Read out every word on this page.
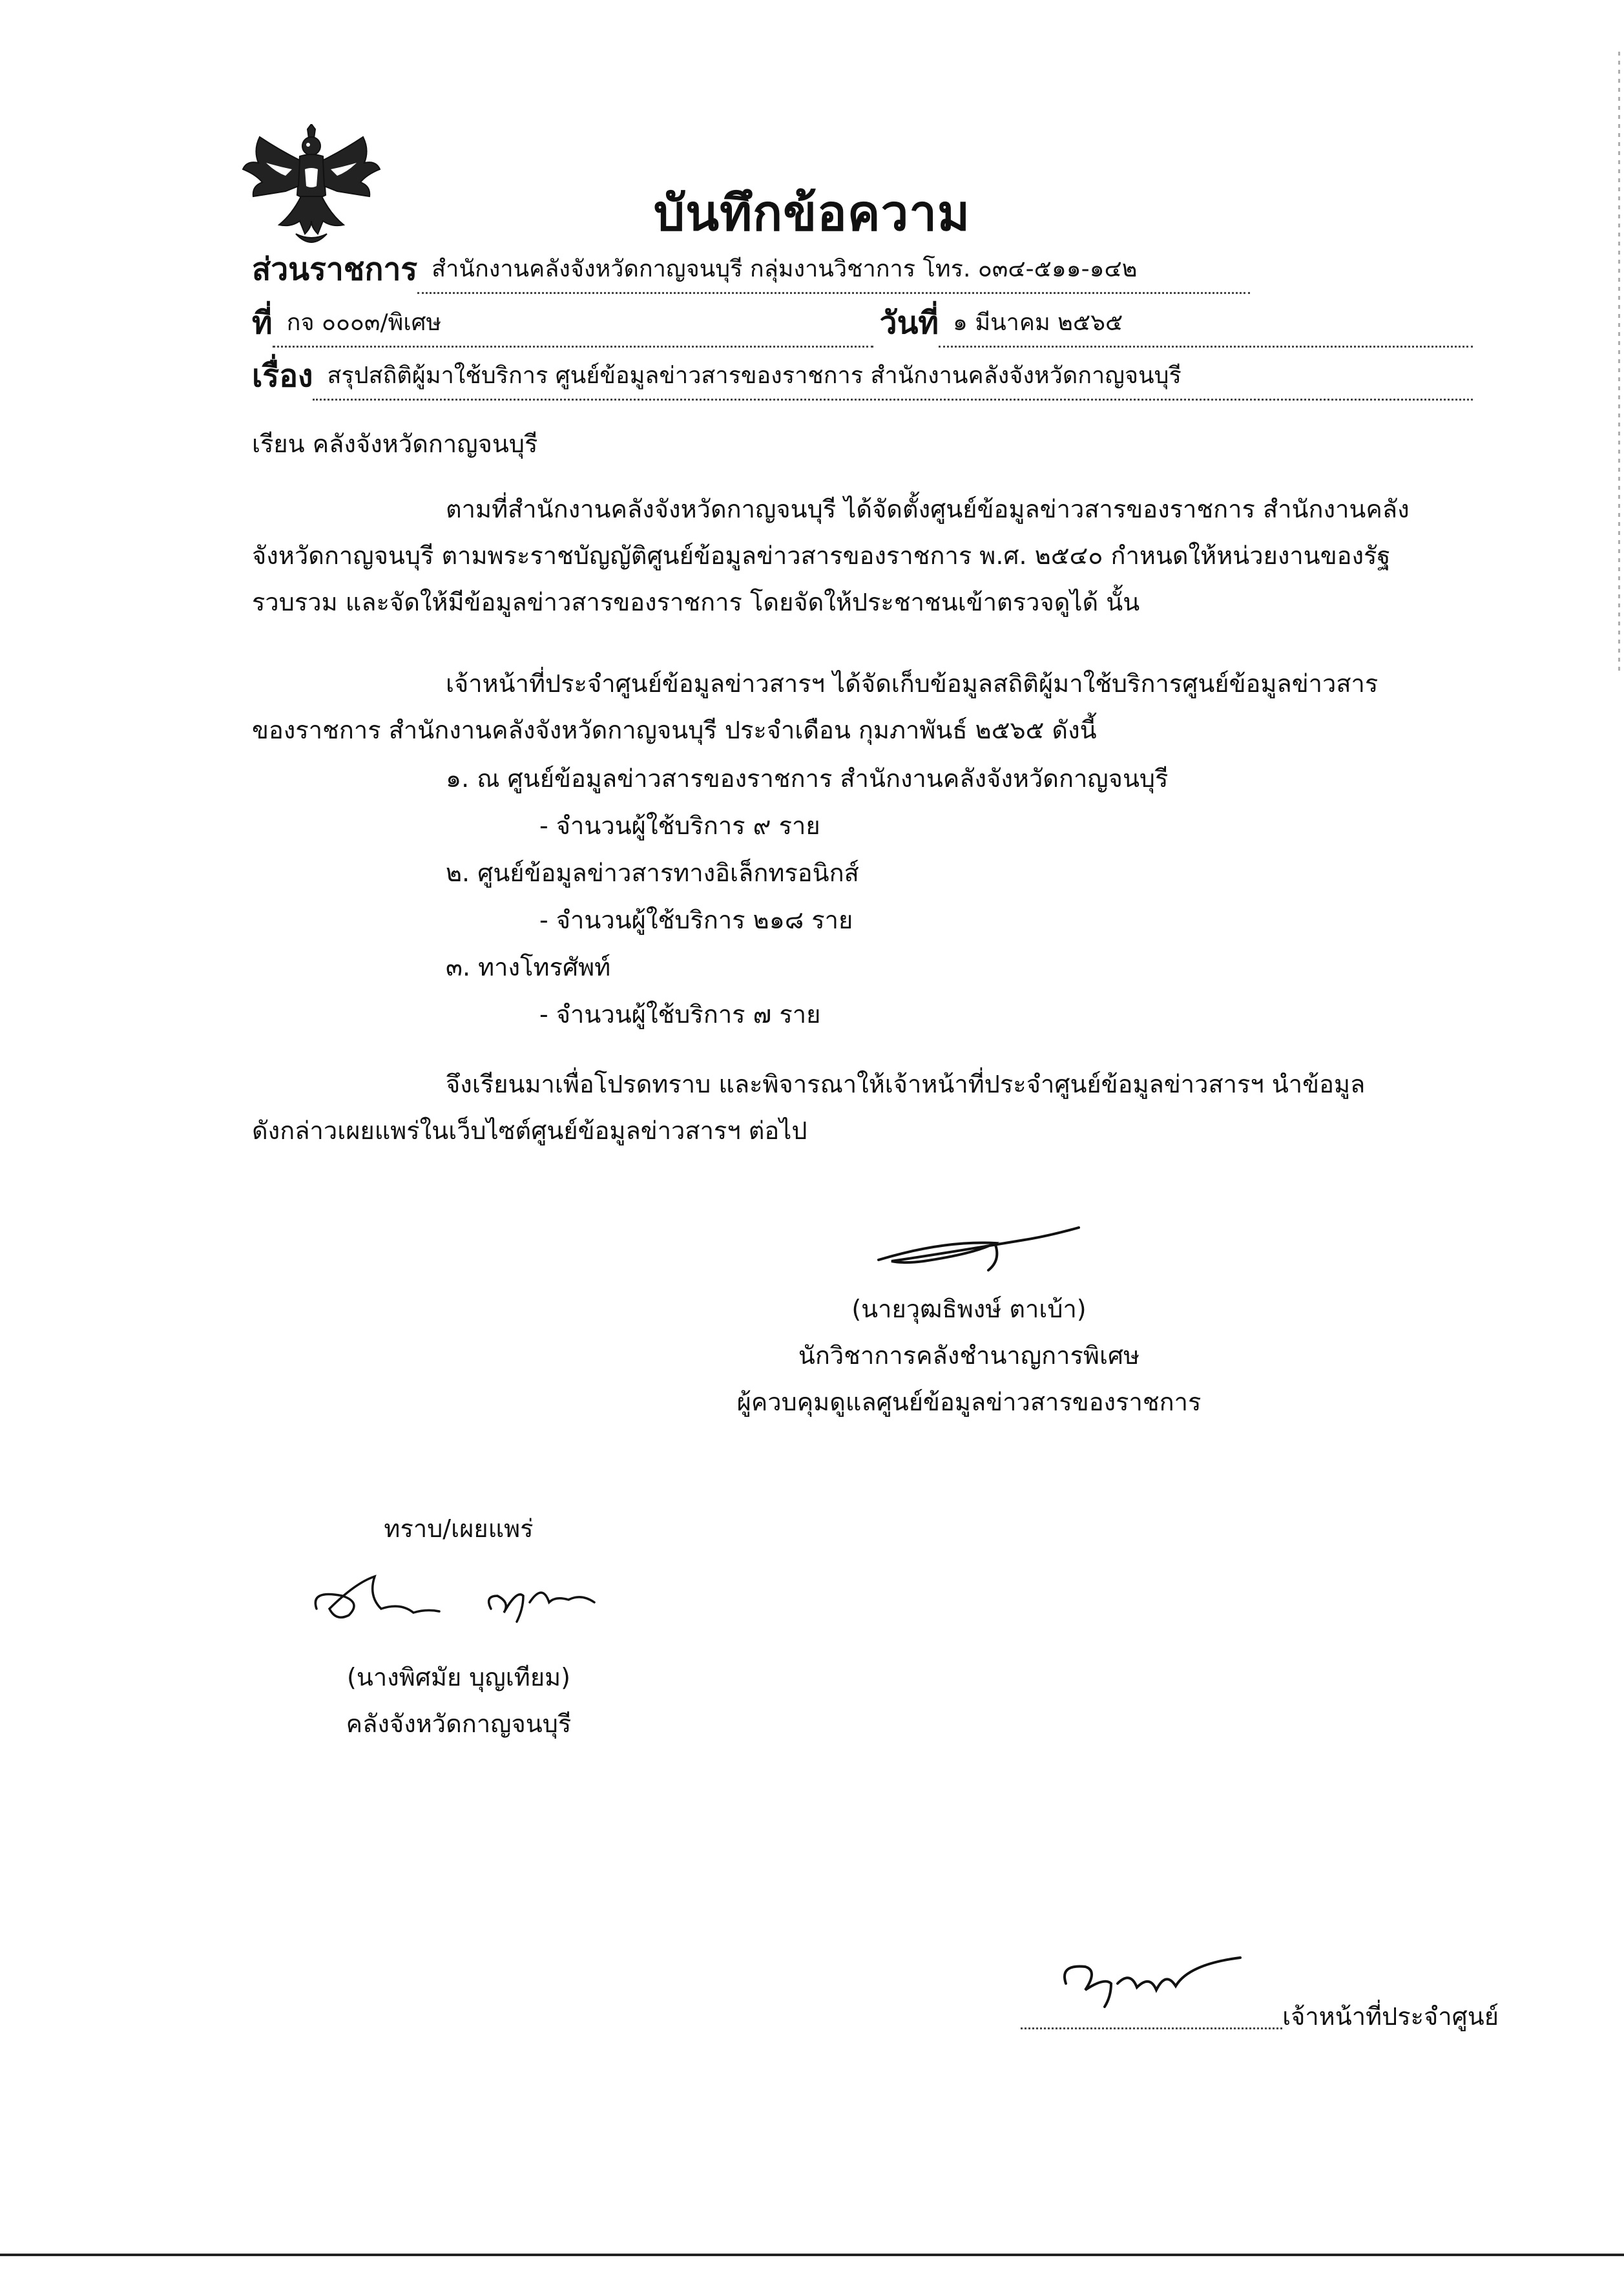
บันทึกข้อความ
ส่วนราชการ สำนักงานคลังจังหวัดกาญจนบุรี กลุ่มงานวิชาการ โทร. ๐๓๔-๕๑๑-๑๔๒
ที่ กจ ๐๐๐๓/พิเศษ	วันที่ ๑ มีนาคม ๒๕๖๕
เรื่อง สรุปสถิติผู้มาใช้บริการ ศูนย์ข้อมูลข่าวสารของราชการ สำนักงานคลังจังหวัดกาญจนบุรี
เรียน คลังจังหวัดกาญจนบุรี
ตามที่สำนักงานคลังจังหวัดกาญจนบุรี ได้จัดตั้งศูนย์ข้อมูลข่าวสารของราชการ สำนักงานคลัง
จังหวัดกาญจนบุรี ตามพระราชบัญญัติศูนย์ข้อมูลข่าวสารของราชการ พ.ศ. ๒๕๔๐ กำหนดให้หน่วยงานของรัฐ
รวบรวม และจัดให้มีข้อมูลข่าวสารของราชการ โดยจัดให้ประชาชนเข้าตรวจดูได้ นั้น
เจ้าหน้าที่ประจำศูนย์ข้อมูลข่าวสารฯ ได้จัดเก็บข้อมูลสถิติผู้มาใช้บริการศูนย์ข้อมูลข่าวสาร
ของราชการ สำนักงานคลังจังหวัดกาญจนบุรี ประจำเดือน กุมภาพันธ์ ๒๕๖๕ ดังนี้
๑. ณ ศูนย์ข้อมูลข่าวสารของราชการ สำนักงานคลังจังหวัดกาญจนบุรี
- จำนวนผู้ใช้บริการ ๙ ราย
๒. ศูนย์ข้อมูลข่าวสารทางอิเล็กทรอนิกส์
- จำนวนผู้ใช้บริการ ๒๑๘ ราย
๓. ทางโทรศัพท์
- จำนวนผู้ใช้บริการ ๗ ราย
จึงเรียนมาเพื่อโปรดทราบ และพิจารณาให้เจ้าหน้าที่ประจำศูนย์ข้อมูลข่าวสารฯ นำข้อมูล
ดังกล่าวเผยแพร่ในเว็บไซต์ศูนย์ข้อมูลข่าวสารฯ ต่อไป
(นายวุฒธิพงษ์ ตาเบ้า)
นักวิชาการคลังชำนาญการพิเศษ
ผู้ควบคุมดูแลศูนย์ข้อมูลข่าวสารของราชการ
ทราบ/เผยแพร่
(นางพิศมัย บุญเทียม)
คลังจังหวัดกาญจนบุรี
เจ้าหน้าที่ประจำศูนย์
